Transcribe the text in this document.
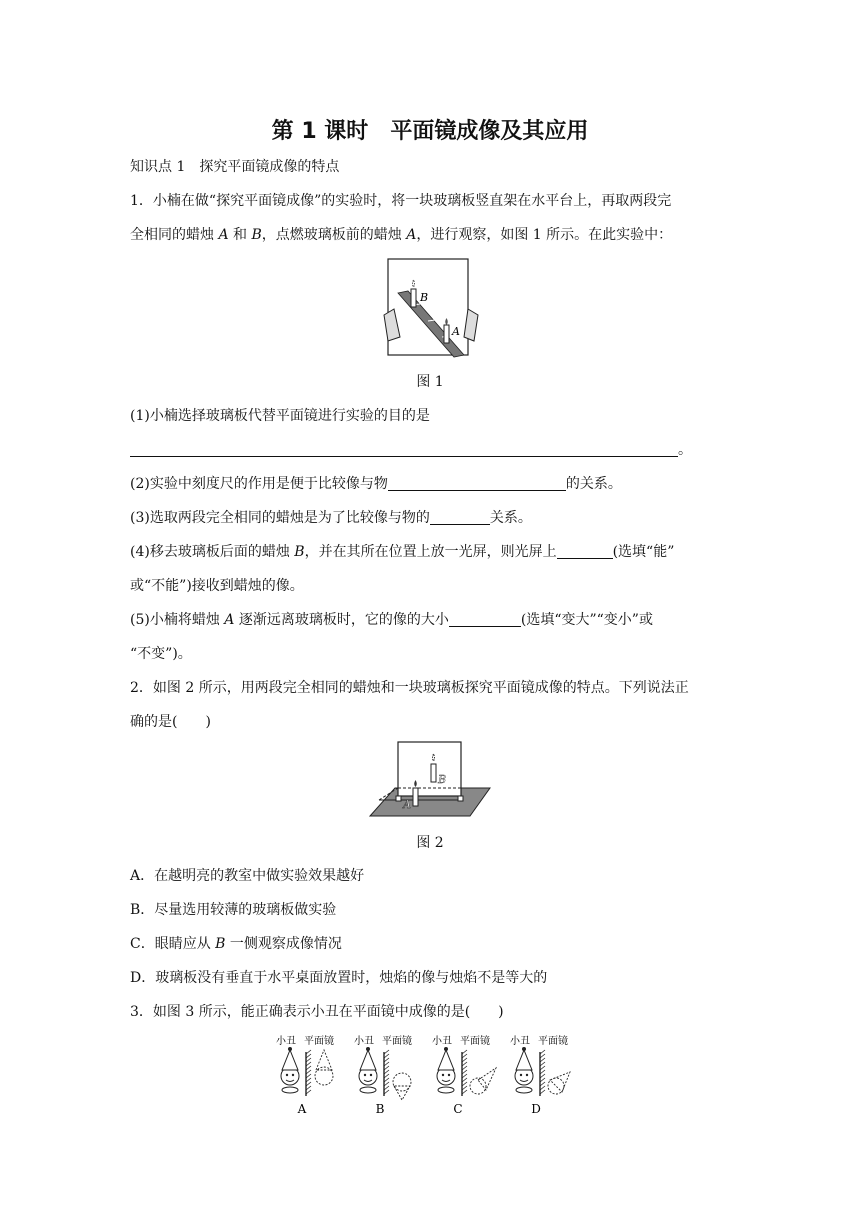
第 1 课时 平面镜成像及其应用
知识点 1　探究平面镜成像的特点
1．小楠在做“探究平面镜成像”的实验时，将一块玻璃板竖直架在水平台上，再取两段完
全相同的蜡烛 A 和 B，点燃玻璃板前的蜡烛 A，进行观察，如图 1 所示。在此实验中：
B
A
图 1
(1)小楠选择玻璃板代替平面镜进行实验的目的是
。
(2)实验中刻度尺的作用是便于比较像与物	的关系。
(3)选取两段完全相同的蜡烛是为了比较像与物的	关系。
(4)移去玻璃板后面的蜡烛 B，并在其所在位置上放一光屏，则光屏上	(选填“能”
或“不能”)接收到蜡烛的像。
(5)小楠将蜡烛 A 逐渐远离玻璃板时，它的像的大小	(选填“变大”“变小”或
“不变”)。
2．如图 2 所示，用两段完全相同的蜡烛和一块玻璃板探究平面镜成像的特点。下列说法正
确的是(　　)
B
A
图 2
A．在越明亮的教室中做实验效果越好
B．尽量选用较薄的玻璃板做实验
C．眼睛应从 B 一侧观察成像情况
D．玻璃板没有垂直于水平桌面放置时，烛焰的像与烛焰不是等大的
3．如图 3 所示，能正确表示小丑在平面镜中成像的是(　　)
小丑 平面镜
A
小丑 平面镜
B
小丑 平面镜
C
小丑 平面镜
D
